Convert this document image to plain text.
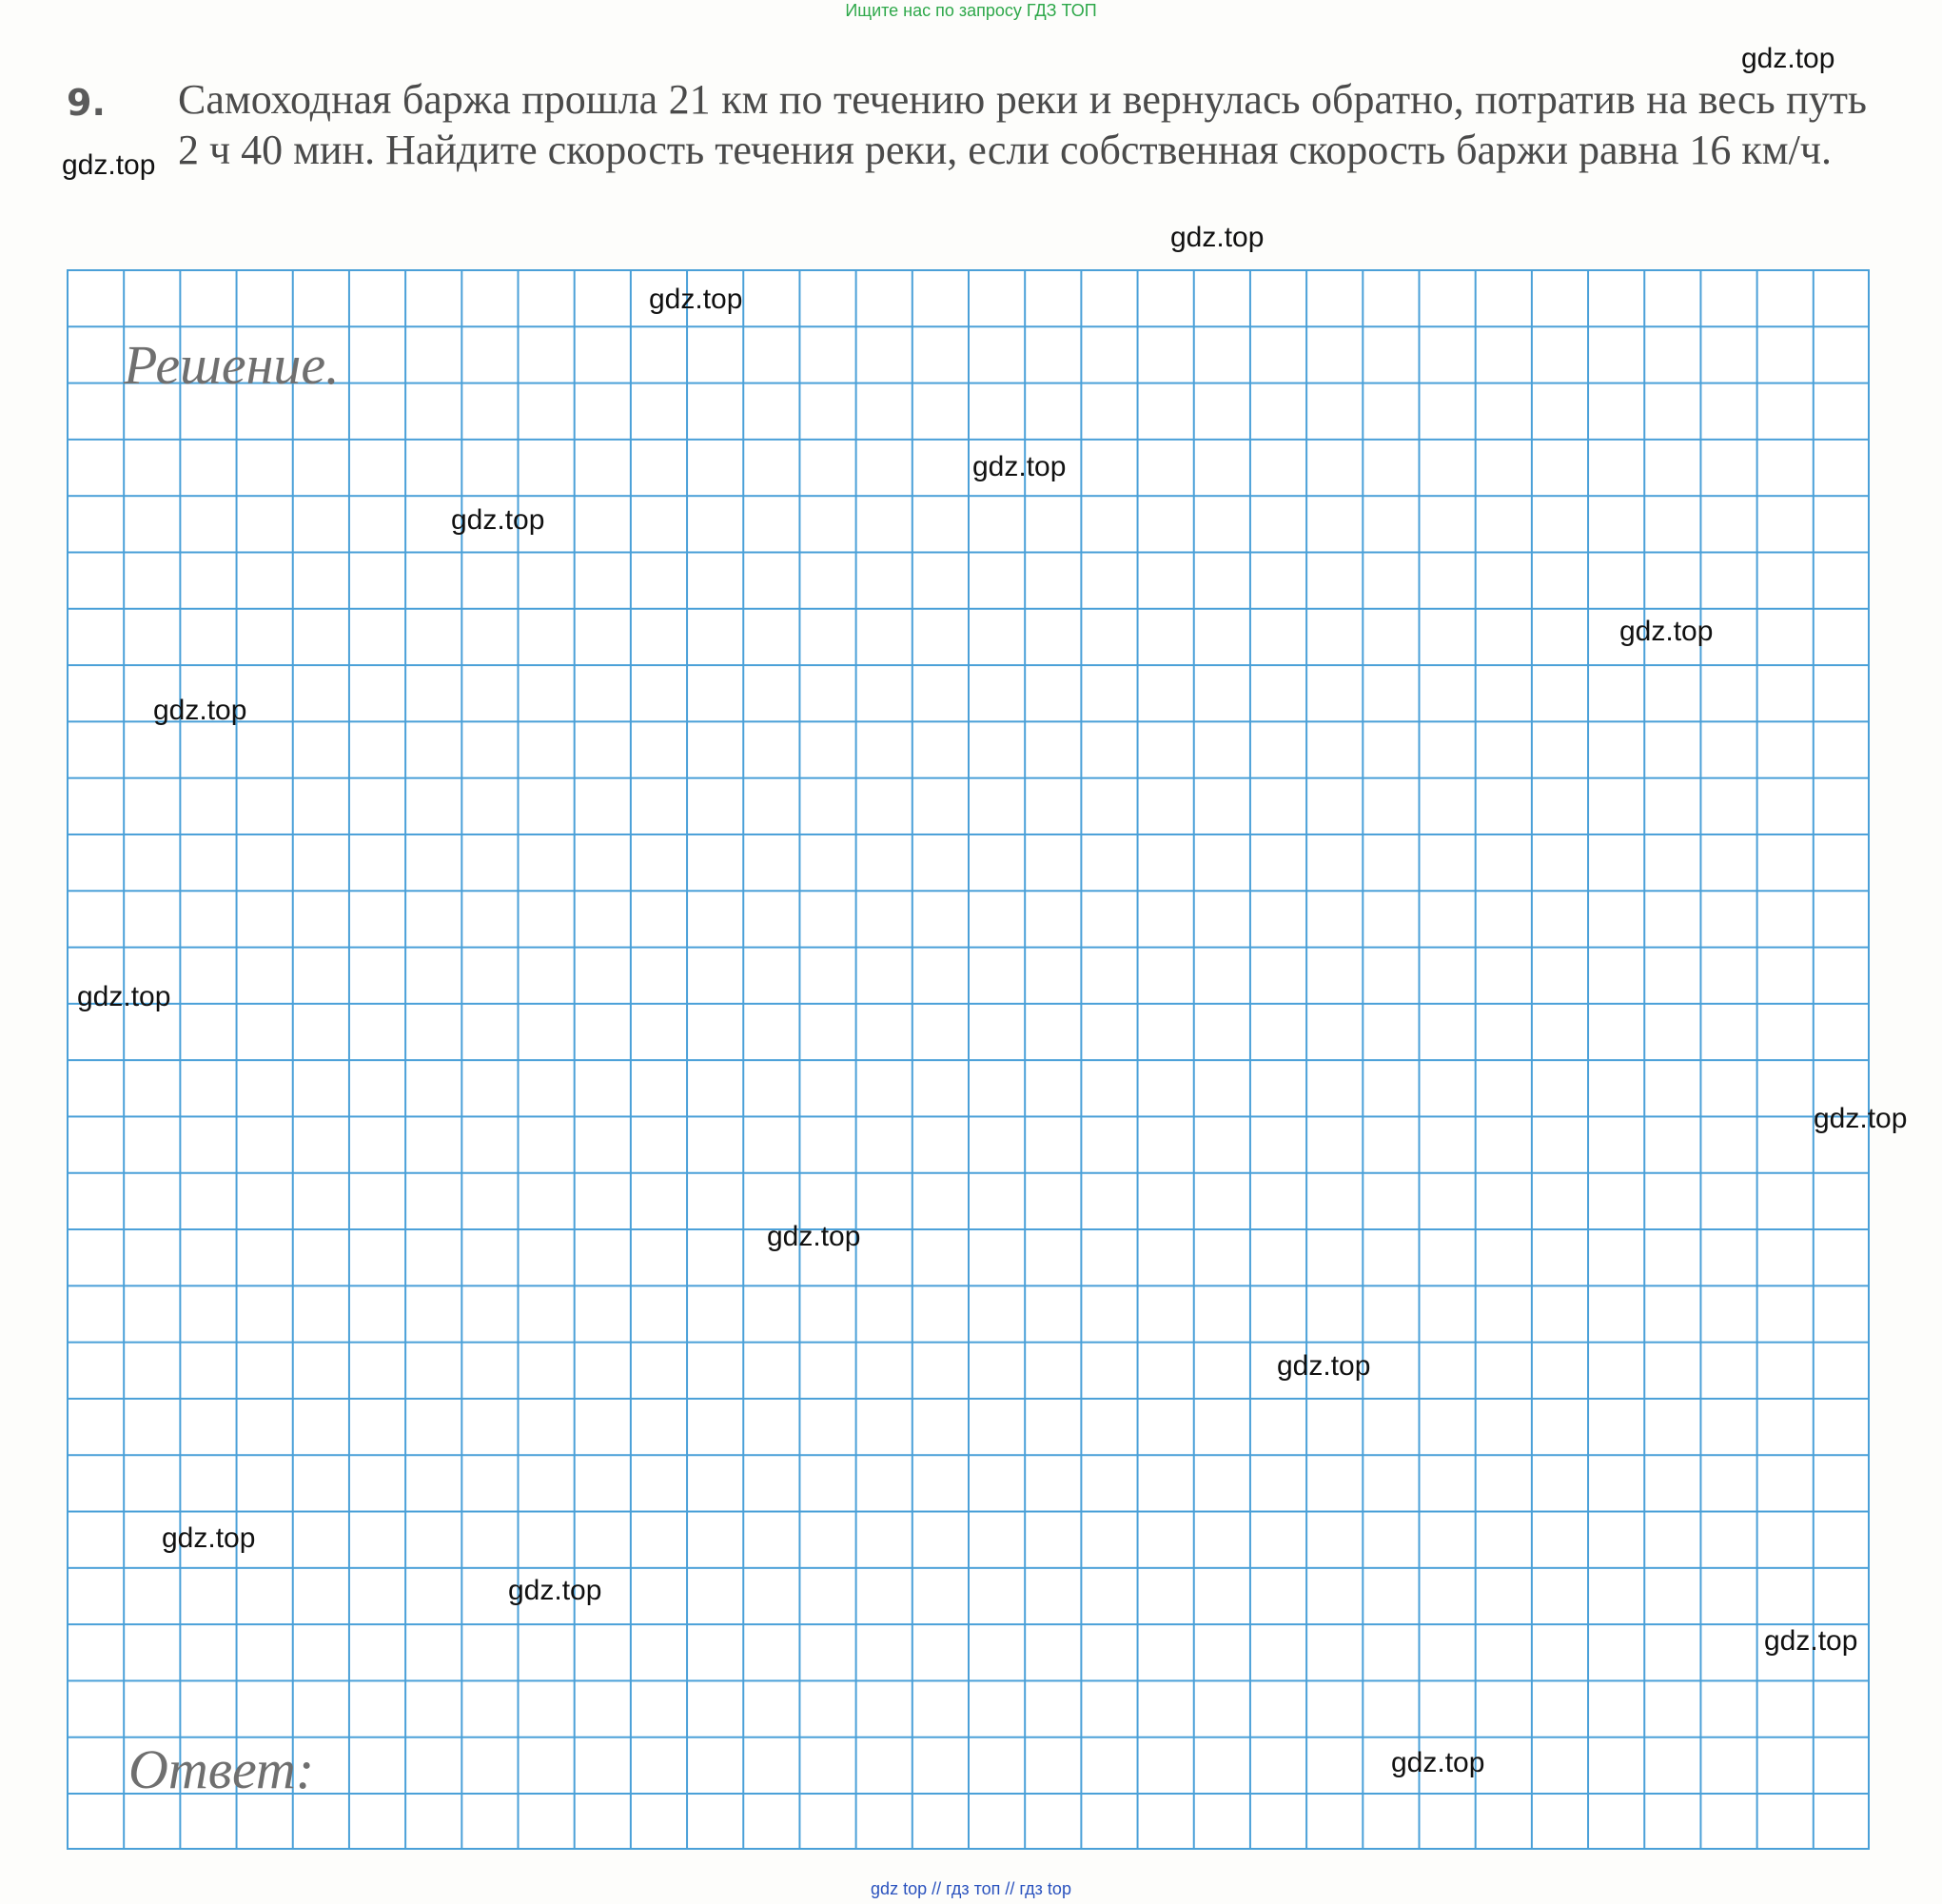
Ищите нас по запросу ГДЗ ТОП
9. Самоходная баржа прошла 21 км по течению реки и вернулась обратно, потратив на весь путь 2 ч 40 мин. Найдите скорость течения реки, если собственная скорость баржи равна 16 км/ч.

Решение.
Ответ:
gdz.top
gdz.top
gdz.top
gdz.top
gdz.top
gdz.top
gdz.top
gdz.top
gdz.top
gdz.top
gdz.top
gdz.top
gdz.top
gdz.top
gdz.top
gdz.top
gdz top // гдз топ // гдз top
